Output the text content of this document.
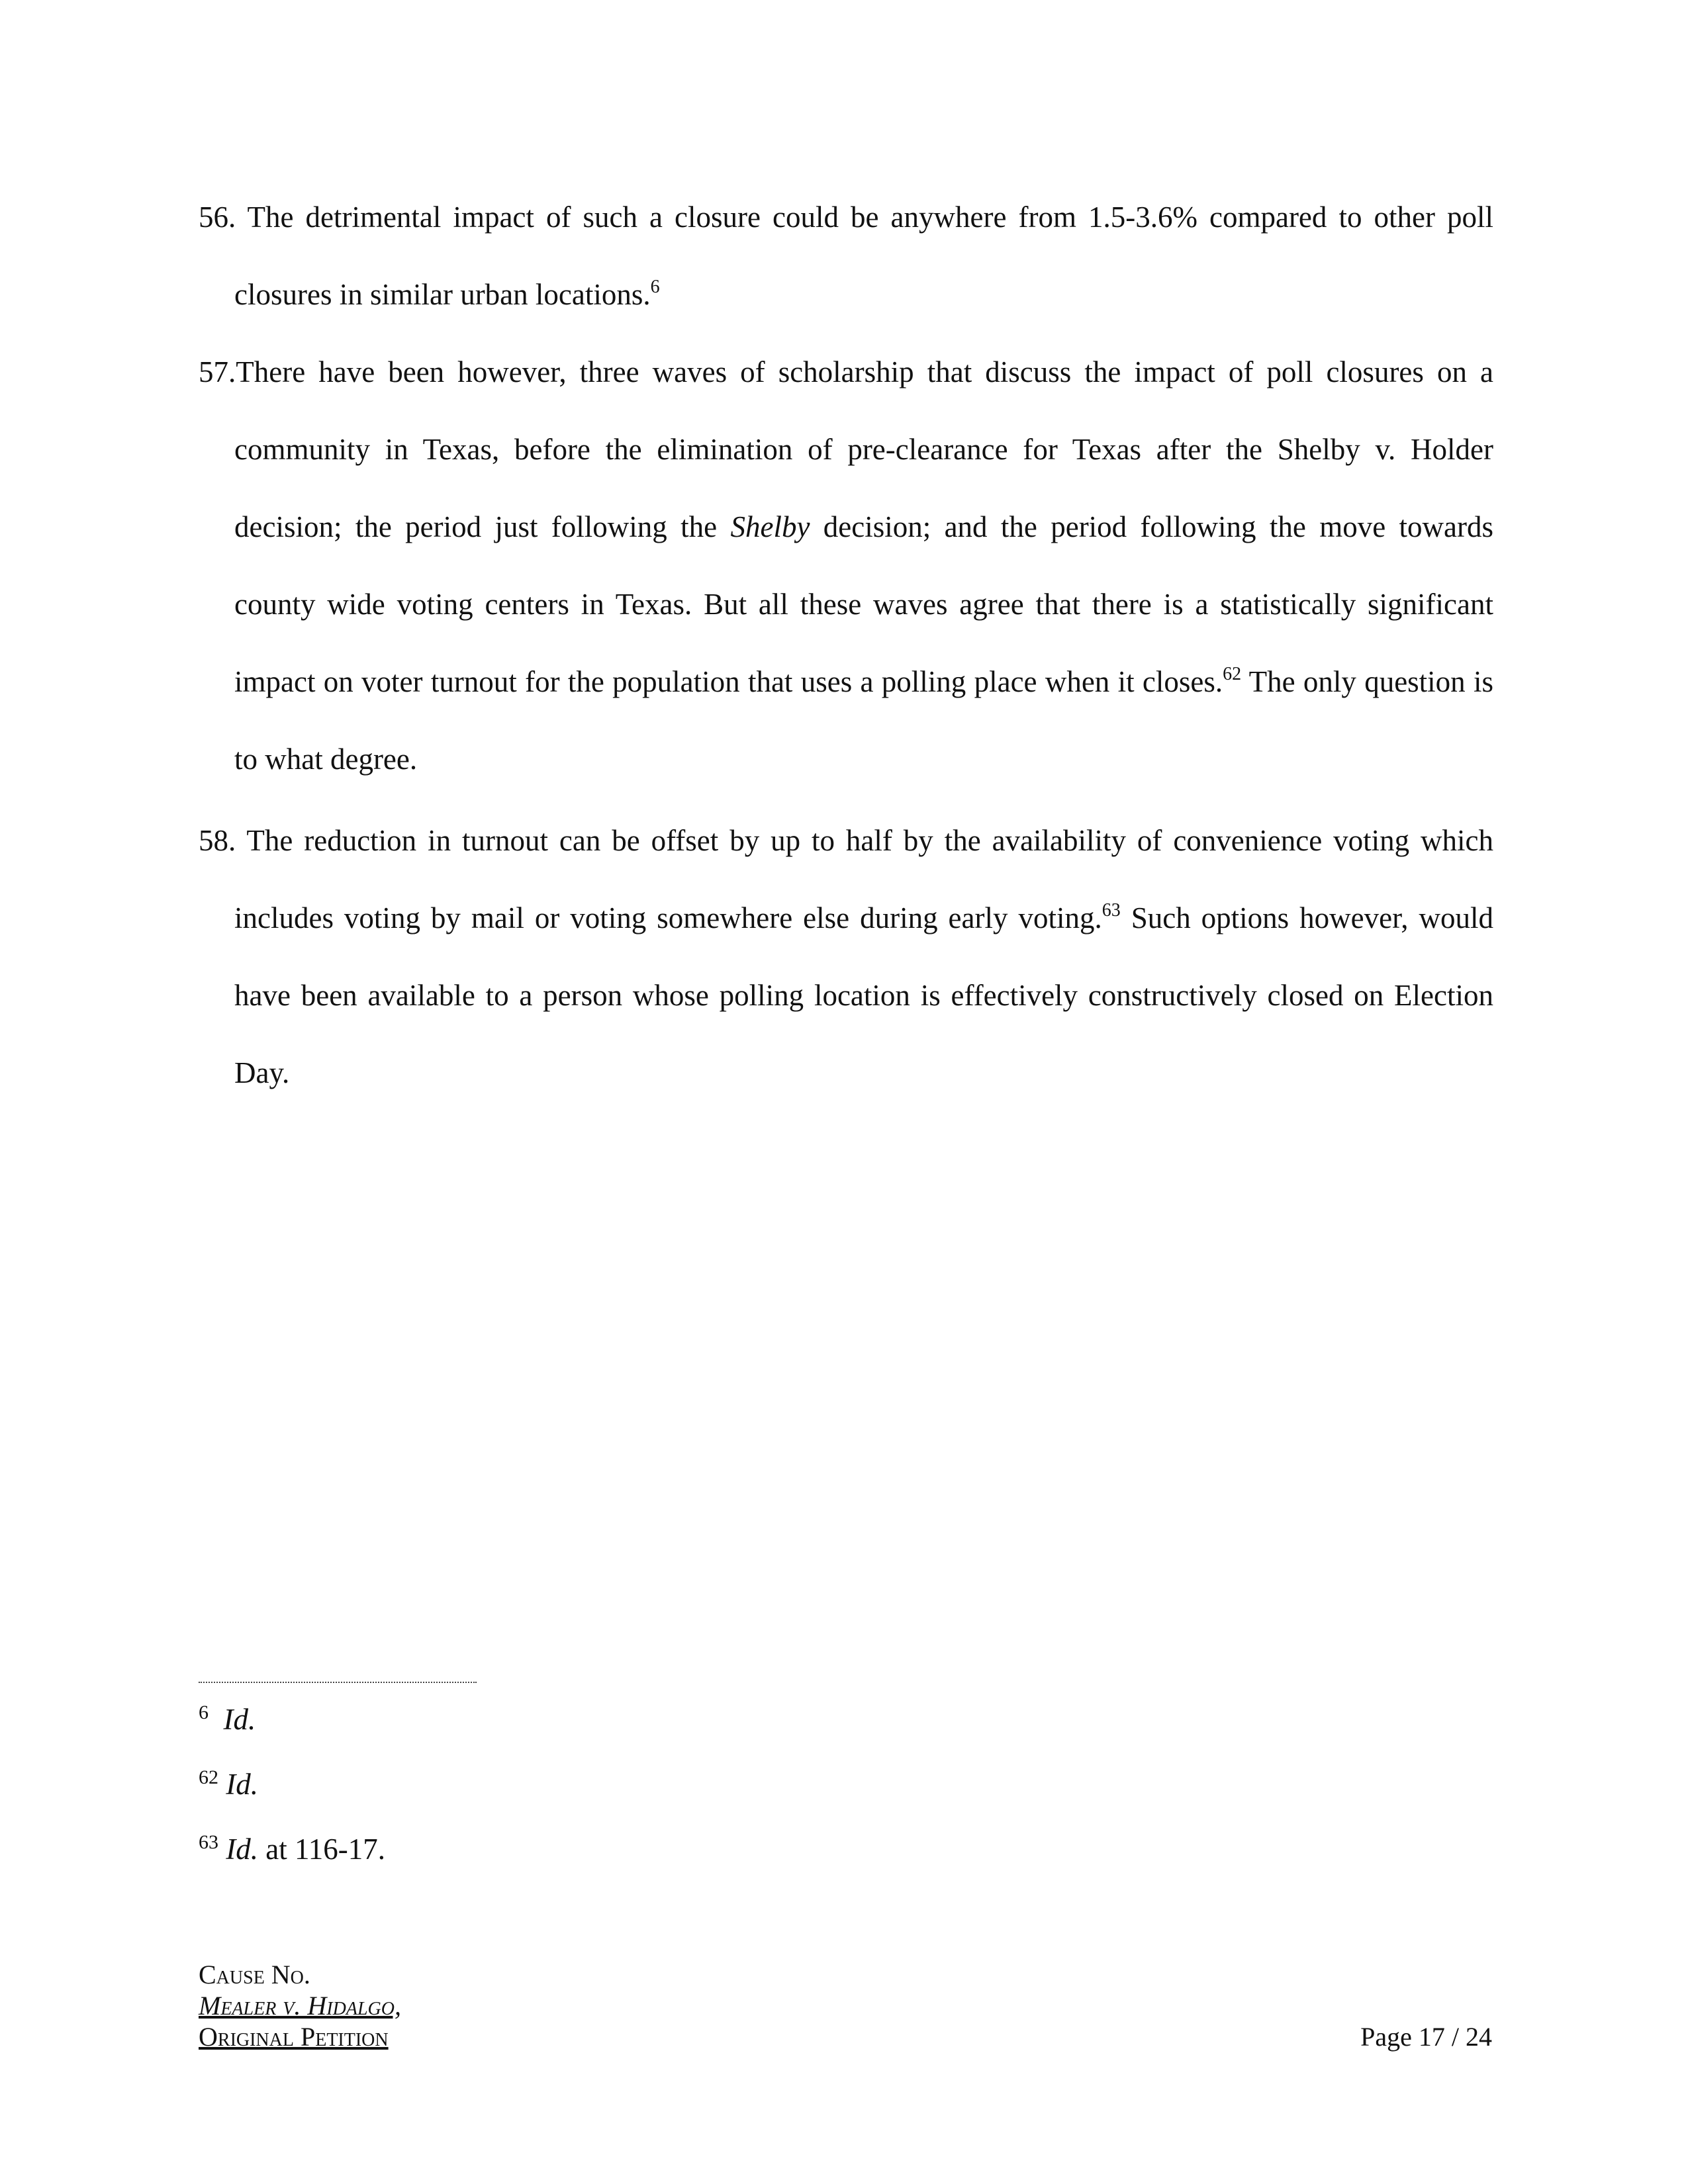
56. The detrimental impact of such a closure could be anywhere from 1.5-3.6% compared to other poll closures in similar urban locations.$^6$

57.There have been however, three waves of scholarship that discuss the impact of poll closures on a community in Texas, before the elimination of pre-clearance for Texas after the Shelby v. Holder decision; the period just following the Shelby decision; and the period following the move towards county wide voting centers in Texas. But all these waves agree that there is a statistically significant impact on voter turnout for the population that uses a polling place when it closes.$^{62}$ The only question is to what degree.

58. The reduction in turnout can be offset by up to half by the availability of convenience voting which includes voting by mail or voting somewhere else during early voting.$^{63}$ Such options however, would have been available to a person whose polling location is effectively constructively closed on Election Day.

$^6$ Id.
$^{62}$ Id.
$^{63}$ Id. at 116-17.
Cause No.
Mealer v. Hidalgo,
Original Petition	Page 17 / 24
